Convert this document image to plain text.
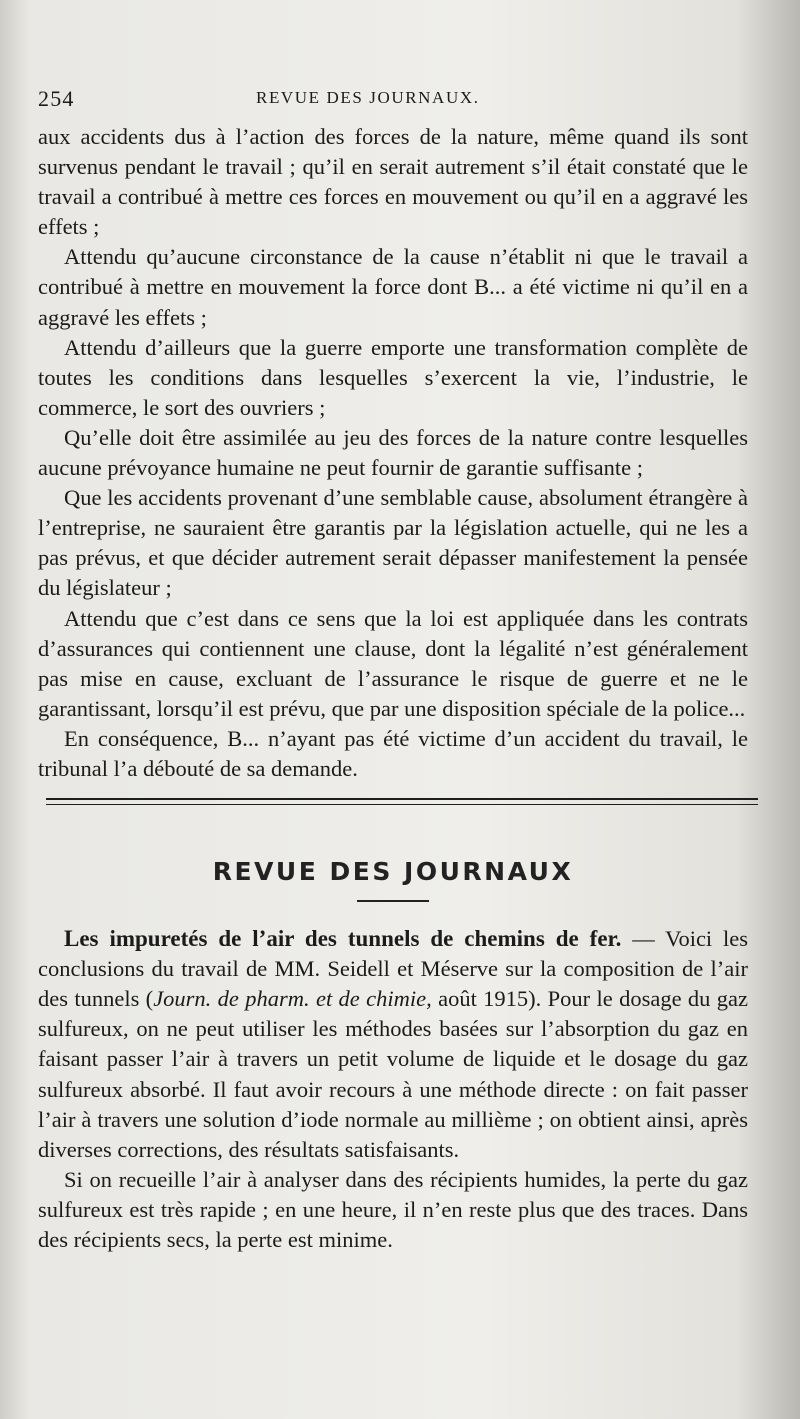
254	REVUE DES JOURNAUX.

aux accidents dus à l’action des forces de la nature, même quand ils sont survenus pendant le travail ; qu’il en serait autrement s’il était constaté que le travail a contribué à mettre ces forces en mouvement ou qu’il en a aggravé les effets ;

Attendu qu’aucune circonstance de la cause n’établit ni que le travail a contribué à mettre en mouvement la force dont B... a été victime ni qu’il en a aggravé les effets ;

Attendu d’ailleurs que la guerre emporte une transformation complète de toutes les conditions dans lesquelles s’exercent la vie, l’industrie, le commerce, le sort des ouvriers ;

Qu’elle doit être assimilée au jeu des forces de la nature contre lesquelles aucune prévoyance humaine ne peut fournir de garantie suffisante ;

Que les accidents provenant d’une semblable cause, absolument étrangère à l’entreprise, ne sauraient être garantis par la législation actuelle, qui ne les a pas prévus, et que décider autrement serait dépasser manifestement la pensée du législateur ;

Attendu que c’est dans ce sens que la loi est appliquée dans les contrats d’assurances qui contiennent une clause, dont la légalité n’est généralement pas mise en cause, excluant de l’assurance le risque de guerre et ne le garantissant, lorsqu’il est prévu, que par une disposition spéciale de la police...

En conséquence, B... n’ayant pas été victime d’un accident du travail, le tribunal l’a débouté de sa demande.

REVUE DES JOURNAUX

Les impuretés de l’air des tunnels de chemins de fer. — Voici les conclusions du travail de MM. Seidell et Méserve sur la composition de l’air des tunnels (Journ. de pharm. et de chimie, août 1915). Pour le dosage du gaz sulfureux, on ne peut utiliser les méthodes basées sur l’absorption du gaz en faisant passer l’air à travers un petit volume de liquide et le dosage du gaz sulfureux absorbé. Il faut avoir recours à une méthode directe : on fait passer l’air à travers une solution d’iode normale au millième ; on obtient ainsi, après diverses corrections, des résultats satisfaisants.

Si on recueille l’air à analyser dans des récipients humides, la perte du gaz sulfureux est très rapide ; en une heure, il n’en reste plus que des traces. Dans des récipients secs, la perte est minime.
